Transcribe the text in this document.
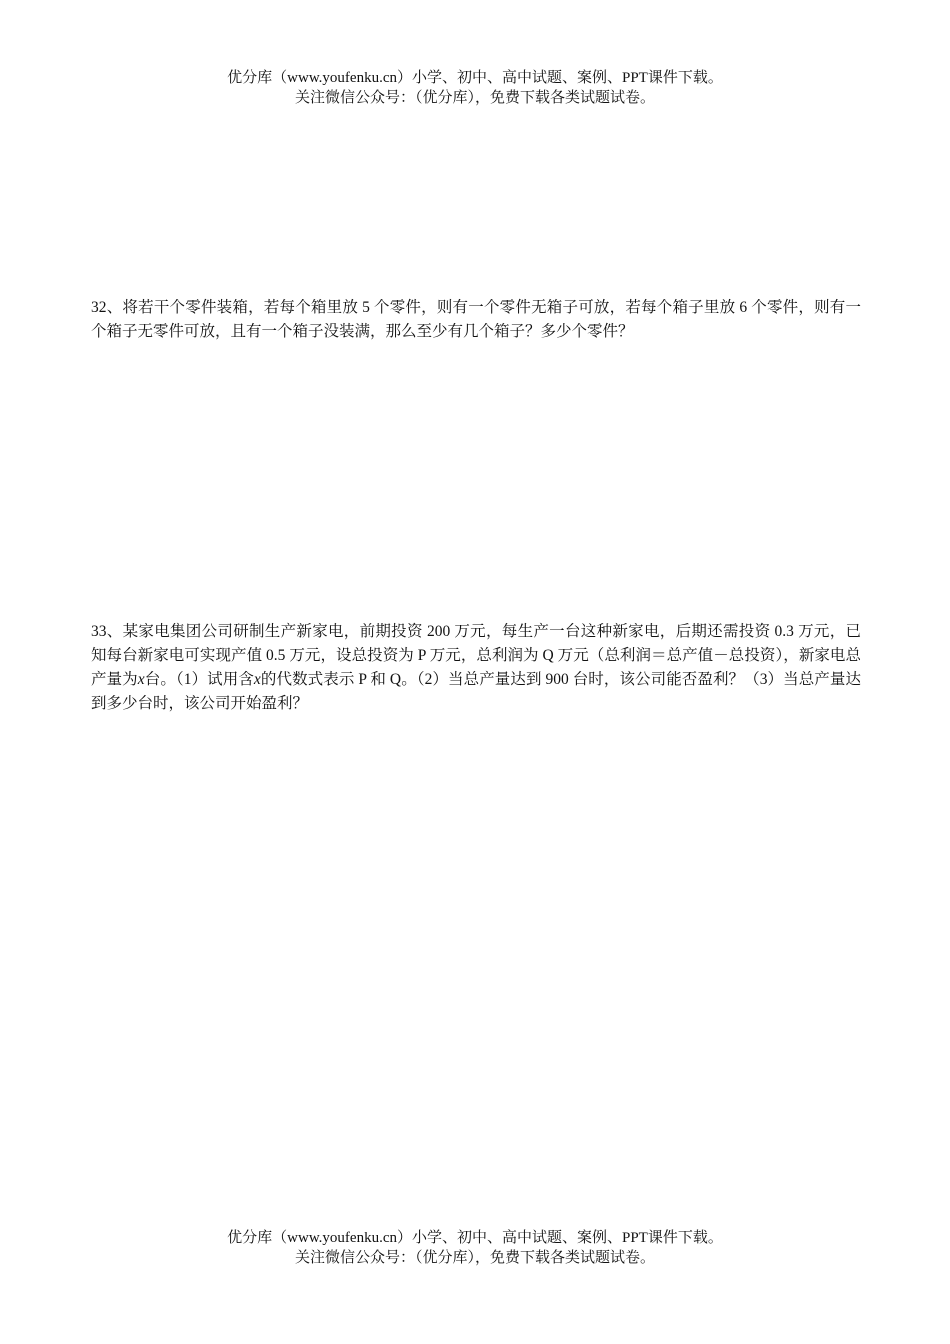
优分库（www.youfenku.cn）小学、初中、高中试题、案例、PPT课件下载。
关注微信公众号：（优分库），免费下载各类试题试卷。
32、将若干个零件装箱，若每个箱里放 5 个零件，则有一个零件无箱子可放，若每个箱子里放 6 个零件，则有一个箱子无零件可放，且有一个箱子没装满，那么至少有几个箱子？多少个零件？
33、某家电集团公司研制生产新家电，前期投资 200 万元，每生产一台这种新家电，后期还需投资 0.3 万元，已知每台新家电可实现产值 0.5 万元，设总投资为 P 万元，总利润为 Q 万元（总利润＝总产值－总投资），新家电总产量为x台。（1）试用含x的代数式表示 P 和 Q。（2）当总产量达到 900 台时，该公司能否盈利？（3）当总产量达到多少台时，该公司开始盈利？
优分库（www.youfenku.cn）小学、初中、高中试题、案例、PPT课件下载。
关注微信公众号：（优分库），免费下载各类试题试卷。
